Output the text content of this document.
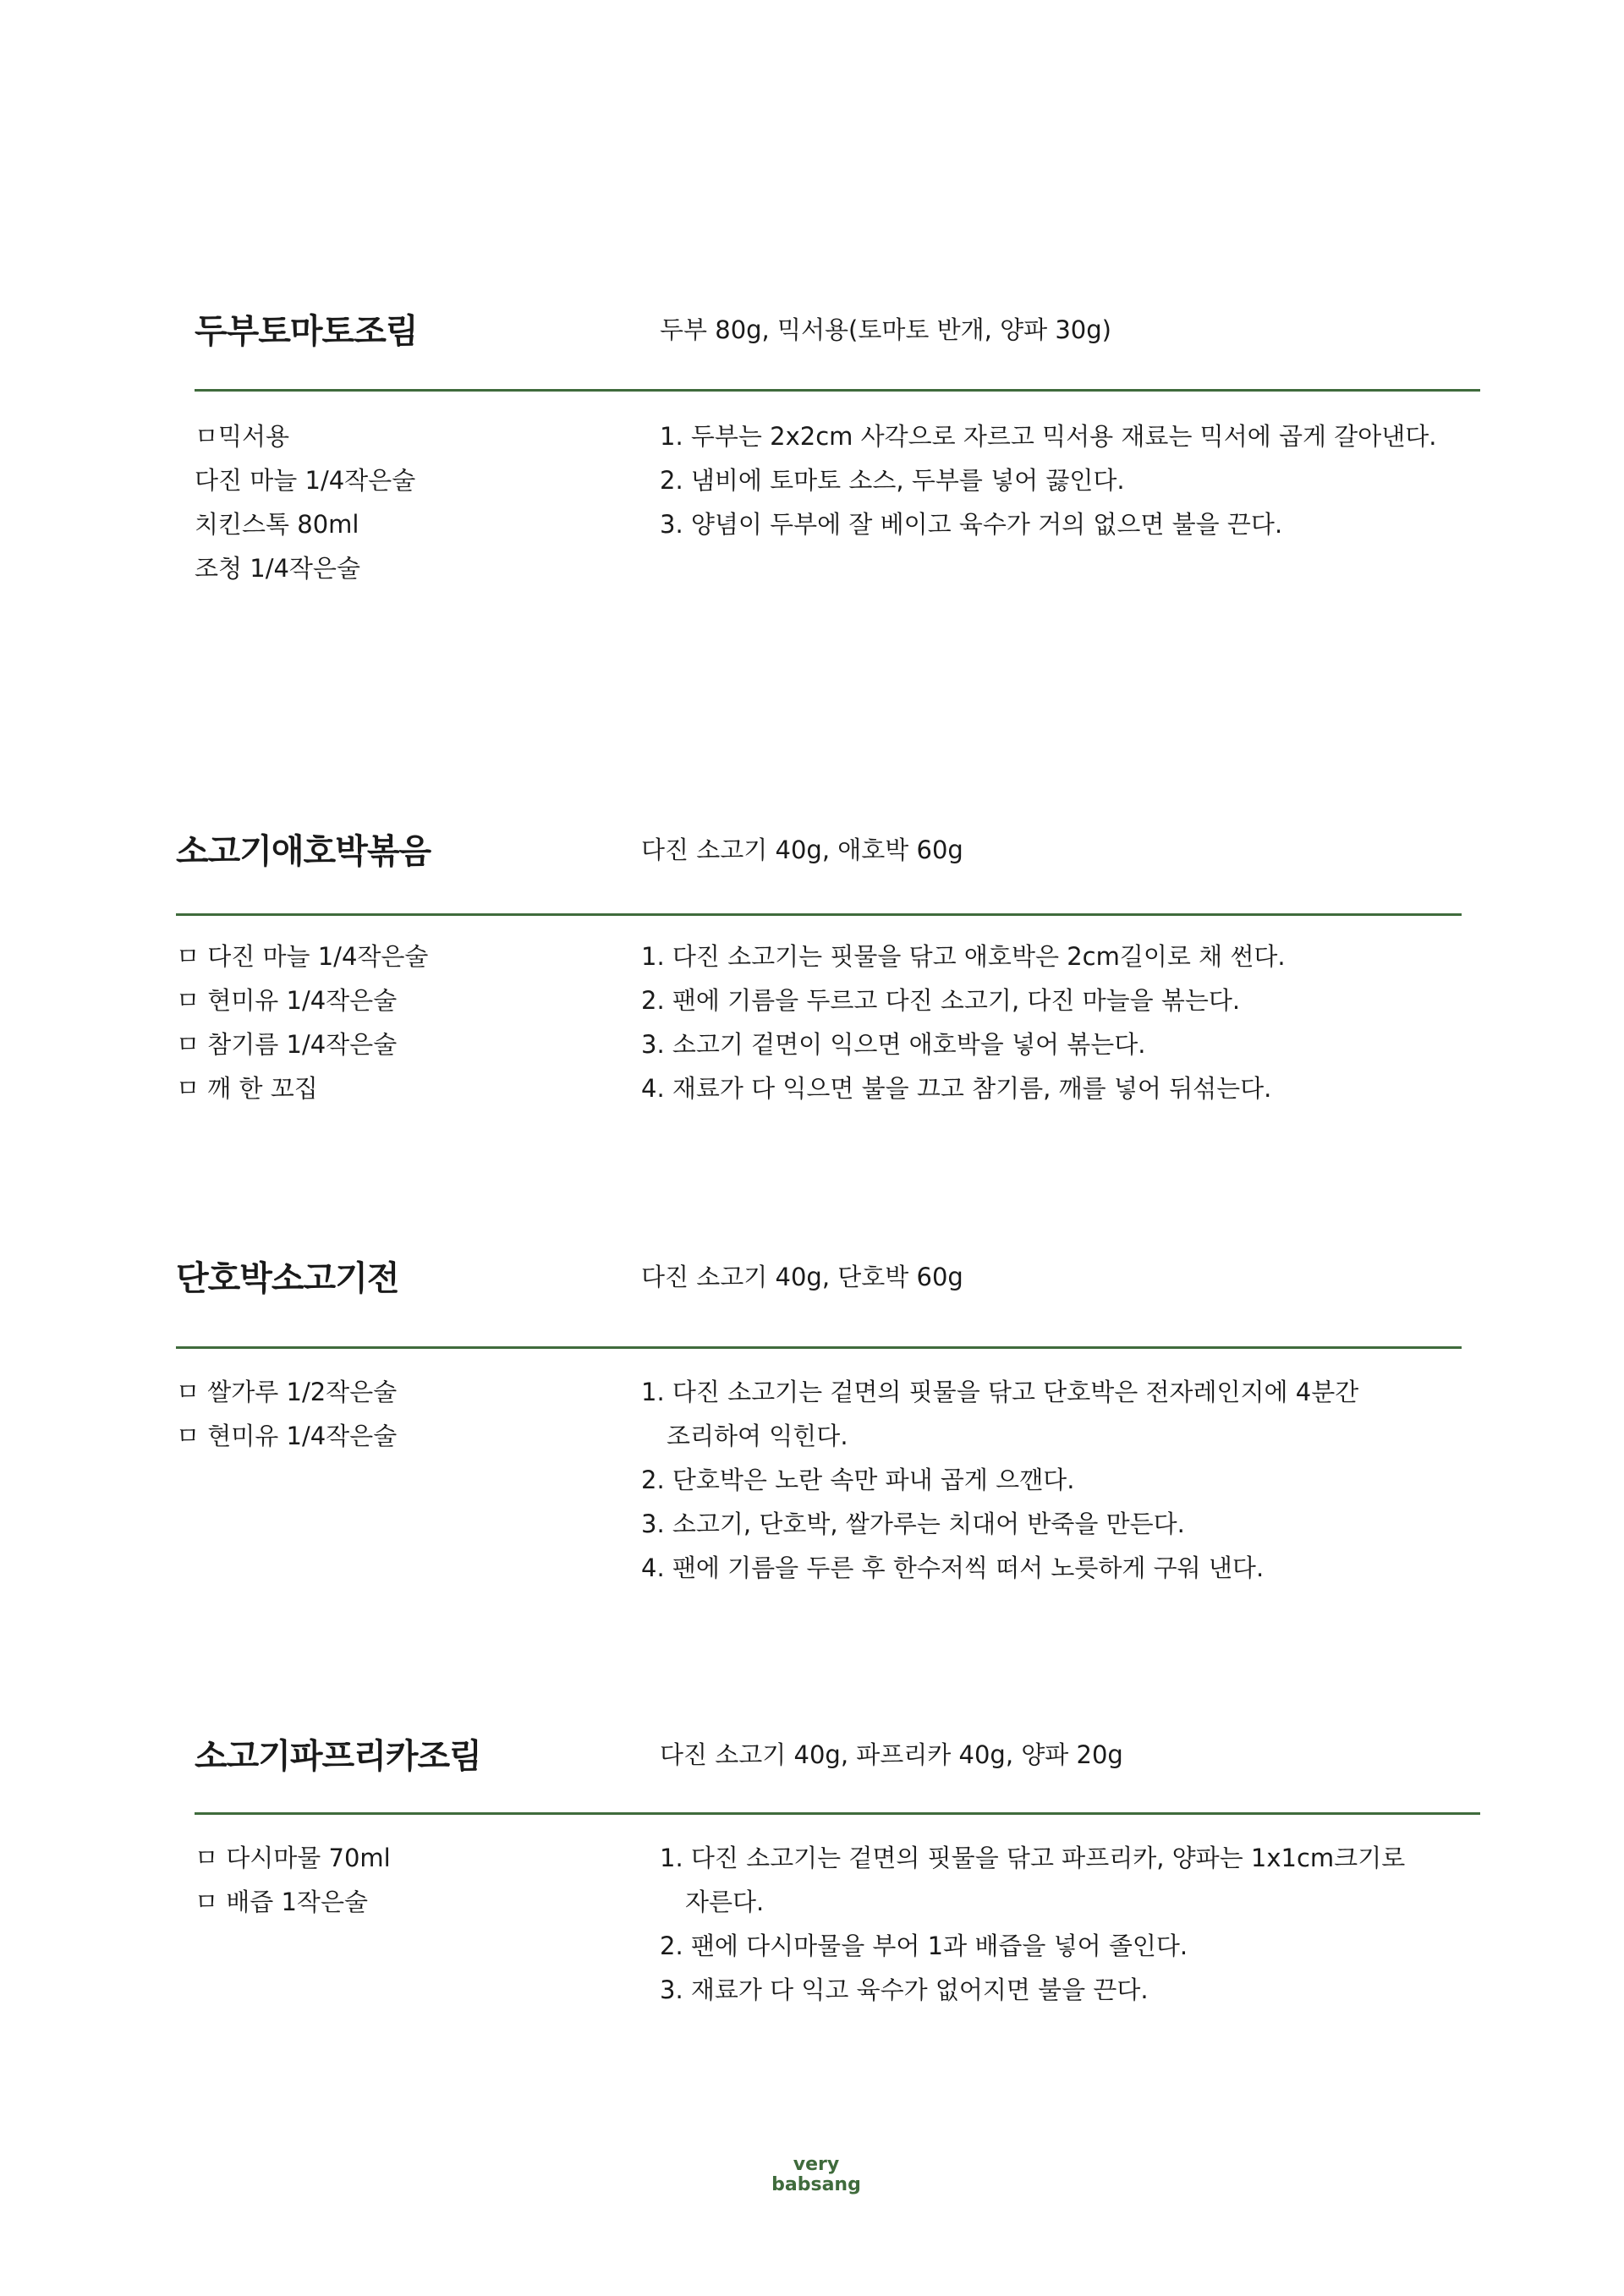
두부토마토조림	두부 80g, 믹서용(토마토 반개, 양파 30g)
ㅁ믹서용
다진 마늘 1/4작은술
치킨스톡 80ml
조청 1/4작은술
1. 두부는 2x2cm 사각으로 자르고 믹서용 재료는 믹서에 곱게 갈아낸다.
2. 냄비에 토마토 소스, 두부를 넣어 끓인다.
3. 양념이 두부에 잘 베이고 육수가 거의 없으면 불을 끈다.
소고기애호박볶음	다진 소고기 40g, 애호박 60g
ㅁ 다진 마늘 1/4작은술
ㅁ 현미유 1/4작은술
ㅁ 참기름 1/4작은술
ㅁ 깨 한 꼬집
1. 다진 소고기는 핏물을 닦고 애호박은 2cm길이로 채 썬다.
2. 팬에 기름을 두르고 다진 소고기, 다진 마늘을 볶는다.
3. 소고기 겉면이 익으면 애호박을 넣어 볶는다.
4. 재료가 다 익으면 불을 끄고 참기름, 깨를 넣어 뒤섞는다.
단호박소고기전	다진 소고기 40g, 단호박 60g
ㅁ 쌀가루 1/2작은술
ㅁ 현미유 1/4작은술
1. 다진 소고기는 겉면의 핏물을 닦고 단호박은 전자레인지에 4분간 조리하여 익힌다.
2. 단호박은 노란 속만 파내 곱게 으깬다.
3. 소고기, 단호박, 쌀가루는 치대어 반죽을 만든다.
4. 팬에 기름을 두른 후 한수저씩 떠서 노릇하게 구워 낸다.
소고기파프리카조림	다진 소고기 40g, 파프리카 40g, 양파 20g
ㅁ 다시마물 70ml
ㅁ 배즙 1작은술
1. 다진 소고기는 겉면의 핏물을 닦고 파프리카, 양파는 1x1cm크기로 자른다.
2. 팬에 다시마물을 부어 1과 배즙을 넣어 졸인다.
3. 재료가 다 익고 육수가 없어지면 불을 끈다.
very
babsang
